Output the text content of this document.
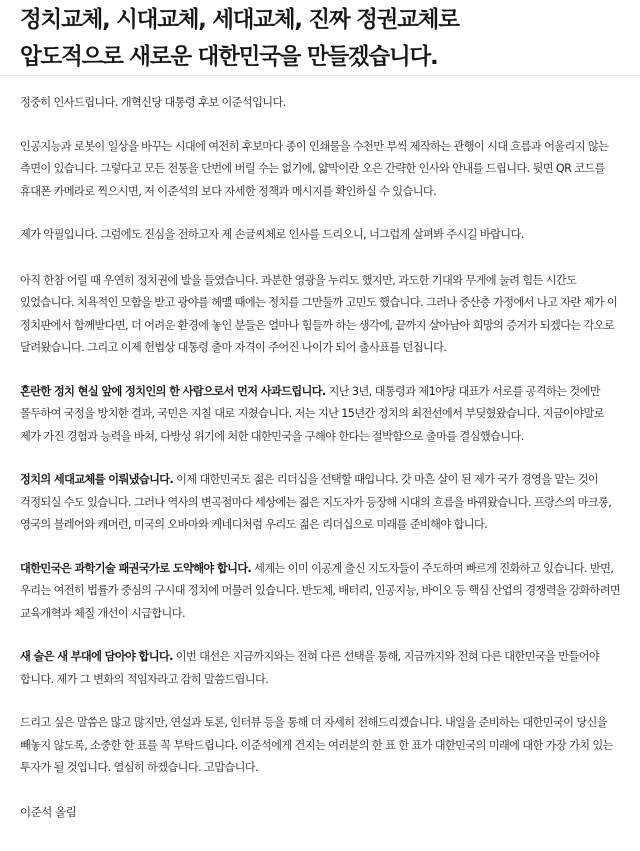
정치교체, 시대교체, 세대교체, 진짜 정권교체로
압도적으로 새로운 대한민국을 만들겠습니다.

정중히 인사드립니다. 개혁신당 대통령 후보 이준석입니다.

인공지능과 로봇이 일상을 바꾸는 시대에 여전히 후보마다 종이 인쇄물을 수천만 부씩 제작하는 관행이 시대 흐름과 어울리지 않는 측면이 있습니다. 그렇다고 모든 전통을 단번에 버릴 수는 없기에, 얇막이란 오은 간략한 인사와 안내를 드립니다. 뒷면 QR 코드를 휴대폰 카메라로 찍으시면, 저 이준석의 보다 자세한 정책과 메시지를 확인하실 수 있습니다.

제가 악필입니다. 그럼에도 진심을 전하고자 제 손글씨체로 인사를 드리오니, 너그럽게 살펴봐 주시길 바랍니다.

아직 한참 어릴 때 우연히 정치권에 발을 들였습니다. 과분한 영광을 누리도 했지만, 과도한 기대와 무게에 눌려 힘든 시간도 있었습니다. 치욕적인 모함을 받고 광야를 헤맬 때에는 정치를 그만둘까 고민도 했습니다. 그러나 중산층 가정에서 나고 자란 제가 이 정치판에서 함께받다면, 더 어려운 환경에 놓인 분들은 얼마나 힘들까 하는 생각에, 끝까지 살아남아 희망의 증거가 되겠다는 각오로 달려왔습니다. 그리고 이제 헌법상 대통령 출마 자격이 주어진 나이가 되어 출사표를 던집니다.

혼란한 정치 현실 앞에 정치인의 한 사람으로서 먼저 사과드립니다. 지난 3년, 대통령과 제1야당 대표가 서로를 공격하는 것에만 몰두하여 국정을 방치한 결과, 국민은 지칠 대로 지쳤습니다. 저는 지난 15년간 정치의 최전선에서 부딪혔왔습니다. 지금이야말로 제가 가진 경험과 능력을 바쳐, 다방성 위기에 처한 대한민국을 구해야 한다는 절박함으로 출마를 결심했습니다.

정치의 세대교체를 이뤄냈습니다. 이제 대한민국도 젊은 리더십을 선택할 때입니다. 갓 마흔 살이 된 제가 국가 경영을 맡는 것이 걱정되실 수도 있습니다. 그러나 역사의 변곡점마다 세상에는 젊은 지도자가 등장해 시대의 흐름을 바꿔왔습니다. 프랑스의 마크롱, 영국의 블레어와 캐머런, 미국의 오바마와 케네디처럼 우리도 젊은 리더십으로 미래를 준비해야 합니다.

대한민국은 과학기술 패권국가로 도약해야 합니다. 세계는 이미 이공계 출신 지도자들이 주도하며 빠르게 진화하고 있습니다. 반면, 우리는 여전히 법률가 중심의 구시대 정치에 머물러 있습니다. 반도체, 배터리, 인공지능, 바이오 등 핵심 산업의 경쟁력을 강화하려면 교육개혁과 체질 개선이 시급합니다.

새 술은 새 부대에 담아야 합니다. 이번 대선은 지금까지와는 전혀 다른 선택을 통해, 지금까지와 전혀 다른 대한민국을 만들어야 합니다. 제가 그 변화의 적임자라고 감히 말씀드립니다.

드리고 싶은 말씀은 많고 많지만, 연설과 토론, 인터뷰 등을 통해 더 자세히 전해드리겠습니다. 내일을 준비하는 대한민국이 당신을 빼놓지 않도록, 소중한 한 표를 꼭 부탁드립니다. 이준석에게 건지는 여러분의 한 표 한 표가 대한민국의 미래에 대한 가장 가치 있는 투자가 될 것입니다. 열심히 하겠습니다. 고맙습니다.

이준석 올림
